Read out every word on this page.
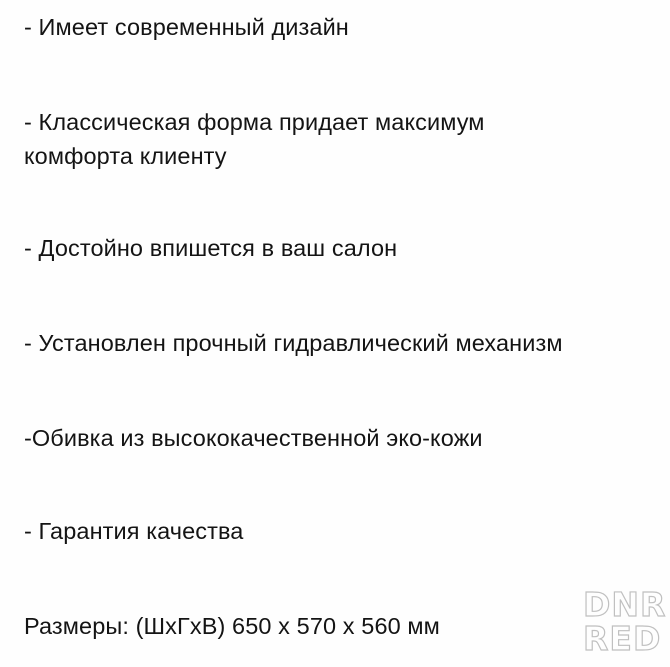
- Имеет современный дизайн

- Классическая форма придает максимум

комфорта клиенту

- Достойно впишется в ваш салон

- Установлен прочный гидравлический механизм

-Обивка из высококачественной эко-кожи

- Гарантия качества

Размеры: (ШхГхВ) 650 х 570 х 560 мм

DNR
RED
